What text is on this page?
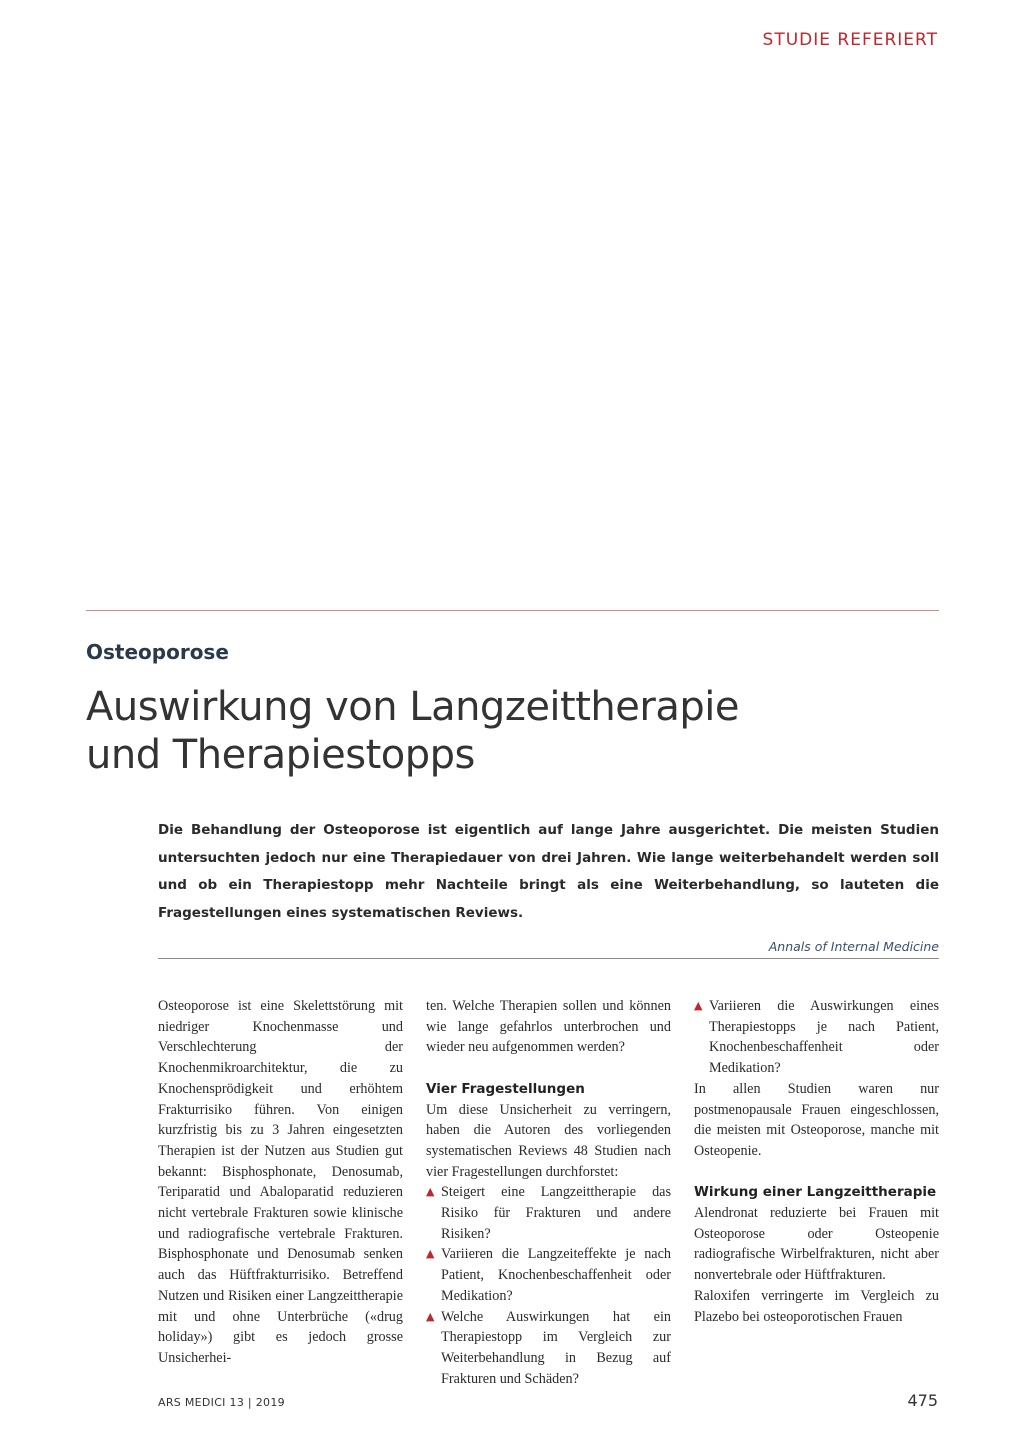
STUDIE REFERIERT
Osteoporose
Auswirkung von Langzeittherapie
und Therapiestopps

Die Behandlung der Osteoporose ist eigentlich auf lange Jahre ausgerichtet. Die meisten Studien untersuchten jedoch nur eine Therapiedauer von drei Jahren. Wie lange weiterbehandelt werden soll und ob ein Therapiestopp mehr Nachteile bringt als eine Weiterbehandlung, so lauteten die Fragestellungen eines systematischen Reviews.

Annals of Internal Medicine

Osteoporose ist eine Skelettstörung mit niedriger Knochenmasse und Verschlechterung der Knochenmikroarchitektur, die zu Knochensprödigkeit und erhöhtem Frakturrisiko führen. Von einigen kurzfristig bis zu 3 Jahren eingesetzten Therapien ist der Nutzen aus Studien gut bekannt: Bisphosphonate, Denosumab, Teriparatid und Abaloparatid reduzieren nicht vertebrale Frakturen sowie klinische und radiografische vertebrale Frakturen. Bisphosphonate und Denosumab senken auch das Hüftfrakturrisiko. Betreffend Nutzen und Risiken einer Langzeittherapie mit und ohne Unterbrüche («drug holiday») gibt es jedoch grosse Unsicherhei-

ten. Welche Therapien sollen und können wie lange gefahrlos unterbrochen und wieder neu aufgenommen werden?

Vier Fragestellungen

Um diese Unsicherheit zu verringern, haben die Autoren des vorliegenden systematischen Reviews 48 Studien nach vier Fragestellungen durchforstet:

▲ Steigert eine Langzeittherapie das Risiko für Frakturen und andere Risiken?

▲ Variieren die Langzeiteffekte je nach Patient, Knochenbeschaffenheit oder Medikation?

▲ Welche Auswirkungen hat ein Therapiestopp im Vergleich zur Weiterbehandlung in Bezug auf Frakturen und Schäden?

▲ Variieren die Auswirkungen eines Therapiestopps je nach Patient, Knochenbeschaffenheit oder Medikation?

In allen Studien waren nur postmenopausale Frauen eingeschlossen, die meisten mit Osteoporose, manche mit Osteopenie.

Wirkung einer Langzeittherapie

Alendronat reduzierte bei Frauen mit Osteoporose oder Osteopenie radiografische Wirbelfrakturen, nicht aber nonvertebrale oder Hüftfrakturen.

Raloxifen verringerte im Vergleich zu Plazebo bei osteoporotischen Frauen

ARS MEDICI 13 | 2019	475
